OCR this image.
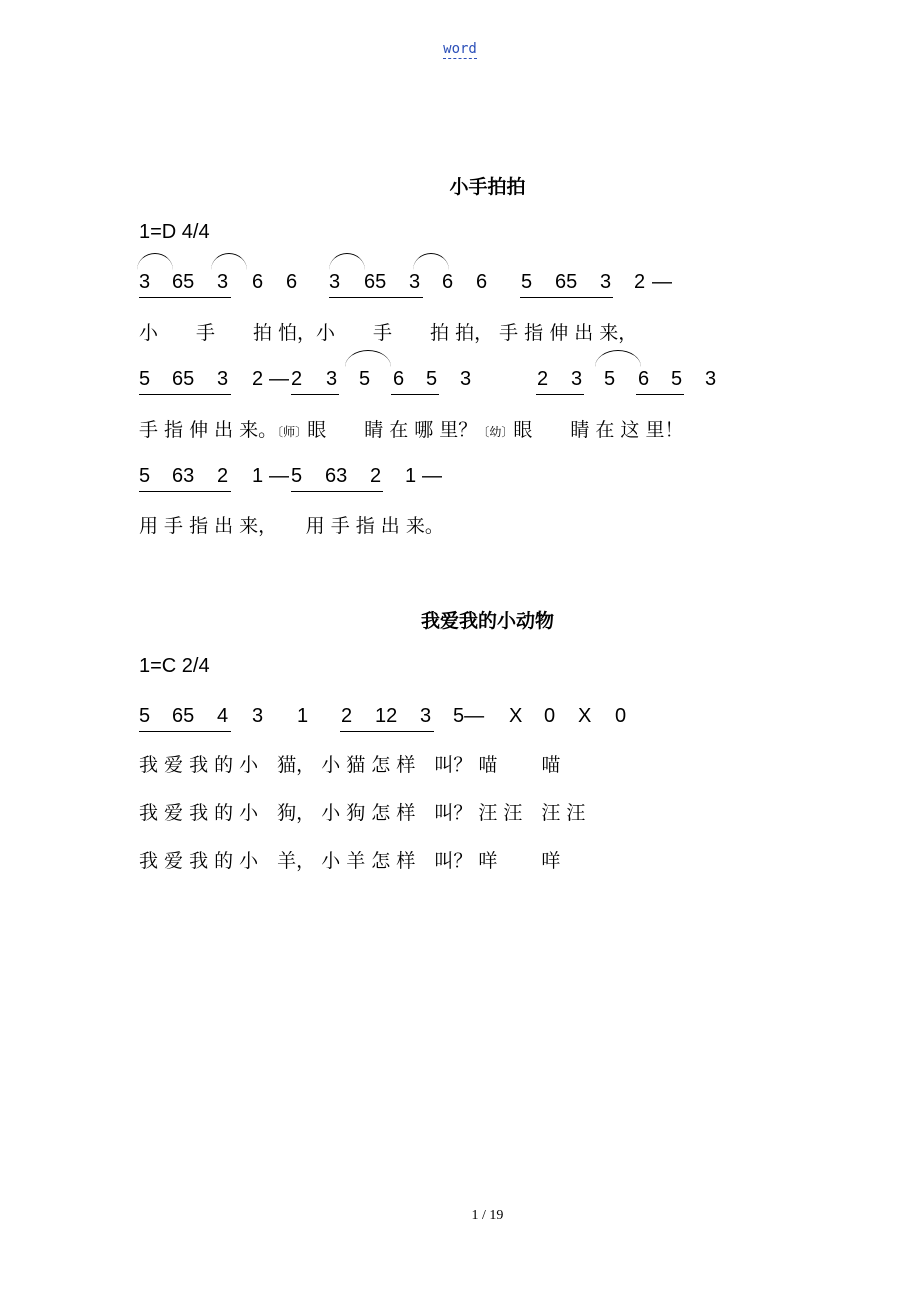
word
小手拍拍
1=D 4/4
3 65 3 6 6 3 65 3 6 6 5 65 3 2 —
小　　手　　拍 怕，小　　手　　拍 拍， 手 指 伸 出 来，
5 65 3 2 — 2 3 5 6 5 3	2 3 5 6 5 3
手 指 伸 出 来。〔师〕眼　　睛 在 哪 里？〔幼〕眼　　睛 在 这 里！
5 63 2 1 — 5 63 2 1 —
用 手 指 出 来，　　用 手 指 出 来。
我爱我的小动物
1=C 2/4
5 65 4 3 1 2 12 3 5— X 0 X 0
我 爱 我 的 小　猫， 小 猫 怎 样　叫？ 喵　　 喵
我 爱 我 的 小　狗， 小 狗 怎 样　叫？ 汪 汪　汪 汪
我 爱 我 的 小　羊， 小 羊 怎 样　叫？ 咩　　 咩
1 / 19
